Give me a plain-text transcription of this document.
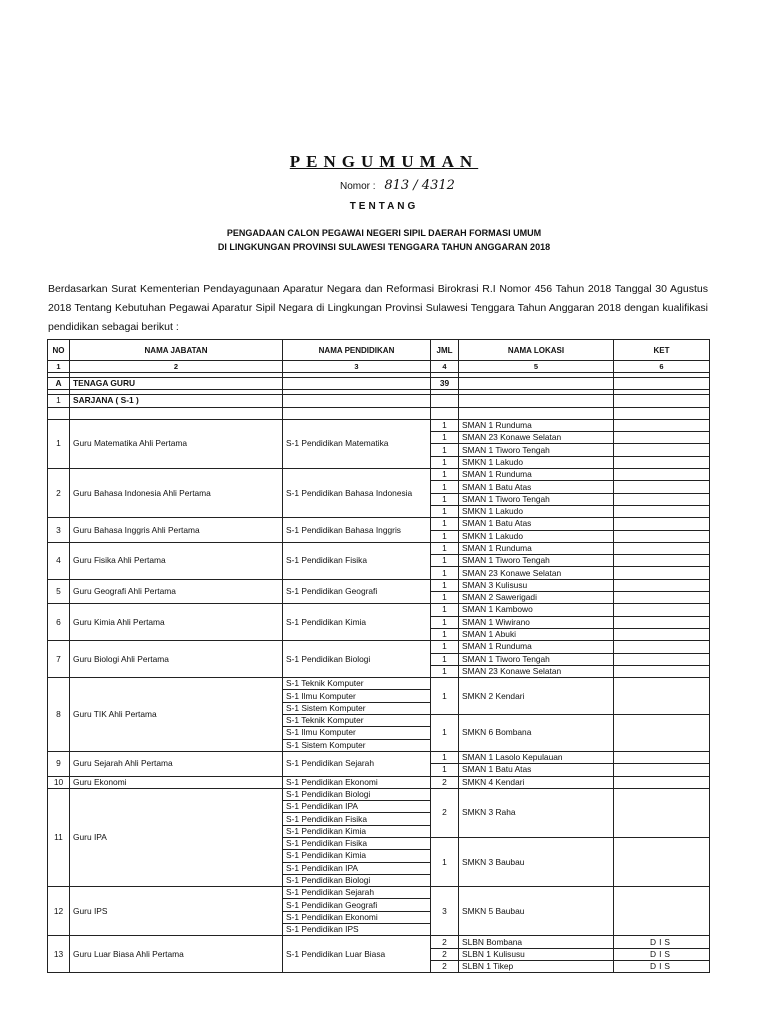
PENGUMUMAN
Nomor : 813 / 4312
TENTANG
PENGADAAN CALON PEGAWAI NEGERI SIPIL DAERAH FORMASI UMUM
DI LINGKUNGAN PROVINSI SULAWESI TENGGARA TAHUN ANGGARAN 2018
Berdasarkan Surat Kementerian Pendayagunaan Aparatur Negara dan Reformasi Birokrasi R.I Nomor 456 Tahun 2018 Tanggal 30 Agustus 2018 Tentang Kebutuhan Pegawai Aparatur Sipil Negara di Lingkungan Provinsi Sulawesi Tenggara Tahun Anggaran 2018 dengan kualifikasi pendidikan sebagai berikut :
NO	NAMA JABATAN	NAMA PENDIDIKAN	JML	NAMA LOKASI	KET
1	2	3	4	5	6

A	TENAGA GURU		39		

1	SARJANA ( S-1 )				

1	Guru Matematika Ahli Pertama	S-1 Pendidikan Matematika	1	SMAN 1 Runduma	
			1	SMAN 23 Konawe Selatan	
			1	SMAN 1 Tiworo Tengah	
			1	SMKN 1 Lakudo	
2	Guru Bahasa Indonesia Ahli Pertama	S-1 Pendidikan Bahasa Indonesia	1	SMAN 1 Runduma	
			1	SMAN 1 Batu Atas	
			1	SMAN 1 Tiworo Tengah	
			1	SMKN 1 Lakudo	
3	Guru Bahasa Inggris Ahli Pertama	S-1 Pendidikan Bahasa Inggris	1	SMAN 1 Batu Atas	
			1	SMKN 1 Lakudo	
4	Guru Fisika Ahli Pertama	S-1 Pendidikan Fisika	1	SMAN 1 Runduma	
			1	SMAN 1 Tiworo Tengah	
			1	SMAN 23 Konawe Selatan	
5	Guru Geografi Ahli Pertama	S-1 Pendidikan Geografi	1	SMAN 3 Kulisusu	
			1	SMAN 2 Sawerigadi	
6	Guru Kimia Ahli Pertama	S-1 Pendidikan Kimia	1	SMAN 1 Kambowo	
			1	SMAN 1 Wiwirano	
			1	SMAN 1 Abuki	
7	Guru Biologi Ahli Pertama	S-1 Pendidikan Biologi	1	SMAN 1 Runduma	
			1	SMAN 1 Tiworo Tengah	
			1	SMAN 23 Konawe Selatan	
8	Guru TIK Ahli Pertama	S-1 Teknik Komputer	1	SMKN 2 Kendari	
		S-1 Ilmu Komputer			
		S-1 Sistem Komputer			
		S-1 Teknik Komputer	1	SMKN 6 Bombana	
		S-1 Ilmu Komputer			
		S-1 Sistem Komputer			
9	Guru Sejarah Ahli Pertama	S-1 Pendidikan Sejarah	1	SMAN 1 Lasolo Kepulauan	
			1	SMAN 1 Batu Atas	
10	Guru Ekonomi	S-1 Pendidikan Ekonomi	2	SMKN 4 Kendari	
11	Guru IPA	S-1 Pendidikan Biologi	2	SMKN 3 Raha	
		S-1 Pendidikan IPA			
		S-1 Pendidikan Fisika			
		S-1 Pendidikan Kimia			
		S-1 Pendidikan Fisika	1	SMKN 3 Baubau	
		S-1 Pendidikan Kimia			
		S-1 Pendidikan IPA			
		S-1 Pendidikan Biologi			
12	Guru IPS	S-1 Pendidikan Sejarah	3	SMKN 5 Baubau	
		S-1 Pendidikan Geografi			
		S-1 Pendidikan Ekonomi			
		S-1 Pendidikan IPS			
13	Guru Luar Biasa Ahli Pertama	S-1 Pendidikan Luar Biasa	2	SLBN Bombana	DIS
			2	SLBN 1 Kulisusu	DIS
			2	SLBN 1 Tikep	DIS
